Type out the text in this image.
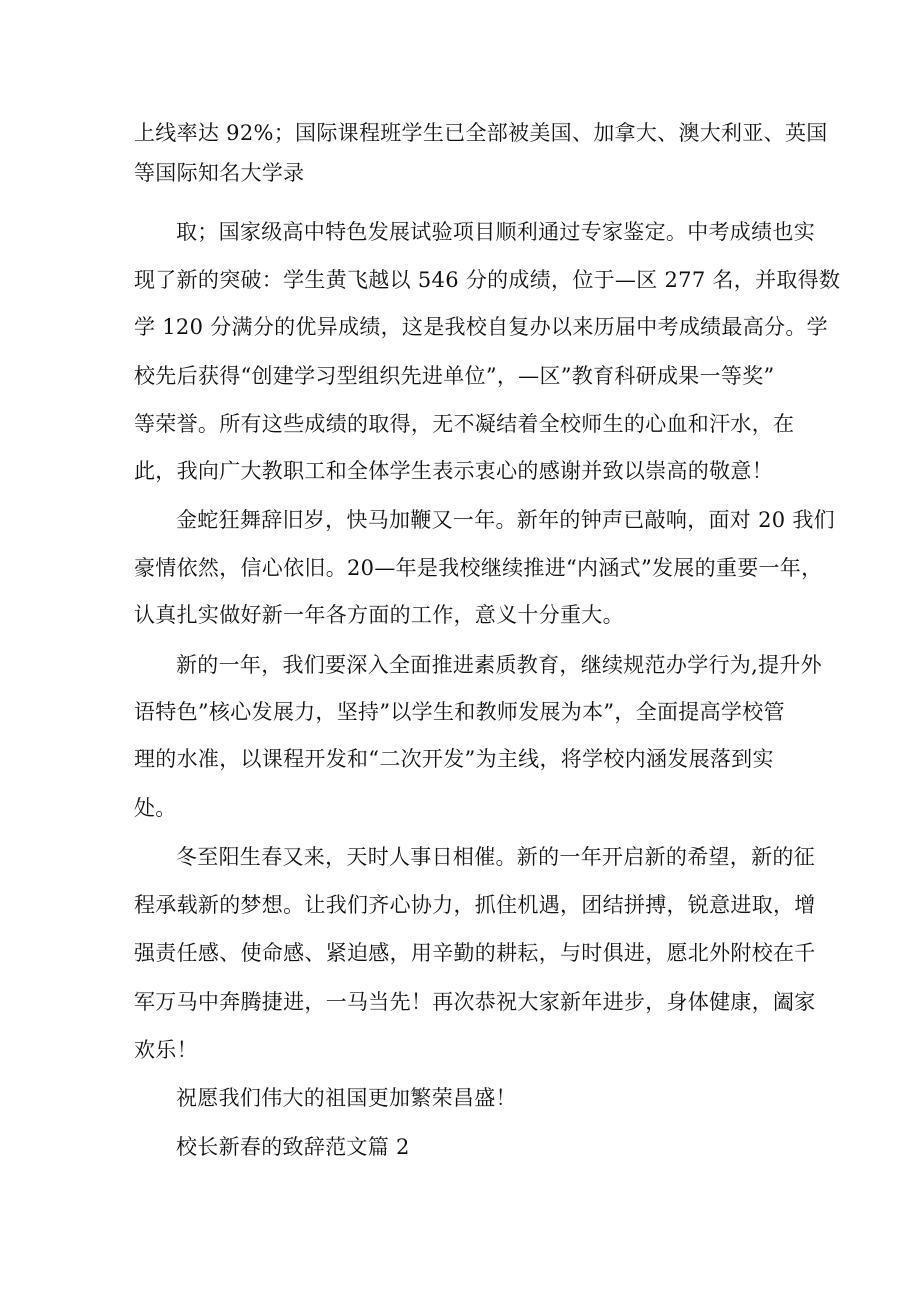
上线率达 92%；国际课程班学生已全部被美国、加拿大、澳大利亚、英国
等国际知名大学录
取；国家级高中特色发展试验项目顺利通过专家鉴定。中考成绩也实
现了新的突破：学生黄飞越以 546 分的成绩，位于—区 277 名，并取得数
学 120 分满分的优异成绩，这是我校自复办以来历届中考成绩最高分。学
校先后获得“创建学习型组织先进单位”，—区”教育科研成果一等奖”
等荣誉。所有这些成绩的取得，无不凝结着全校师生的心血和汗水，在
此，我向广大教职工和全体学生表示衷心的感谢并致以崇高的敬意！
金蛇狂舞辞旧岁，快马加鞭又一年。新年的钟声已敲响，面对 20 我们
豪情依然，信心依旧。20—年是我校继续推进“内涵式”发展的重要一年，
认真扎实做好新一年各方面的工作，意义十分重大。
新的一年，我们要深入全面推进素质教育，继续规范办学行为,提升外
语特色”核心发展力，坚持”以学生和教师发展为本”，全面提高学校管
理的水准，以课程开发和“二次开发”为主线，将学校内涵发展落到实
处。
冬至阳生春又来，天时人事日相催。新的一年开启新的希望，新的征
程承载新的梦想。让我们齐心协力，抓住机遇，团结拼搏，锐意进取，增
强责任感、使命感、紧迫感，用辛勤的耕耘，与时俱进，愿北外附校在千
军万马中奔腾捷进，一马当先！再次恭祝大家新年进步，身体健康，阖家
欢乐！
祝愿我们伟大的祖国更加繁荣昌盛！
校长新春的致辞范文篇 2
